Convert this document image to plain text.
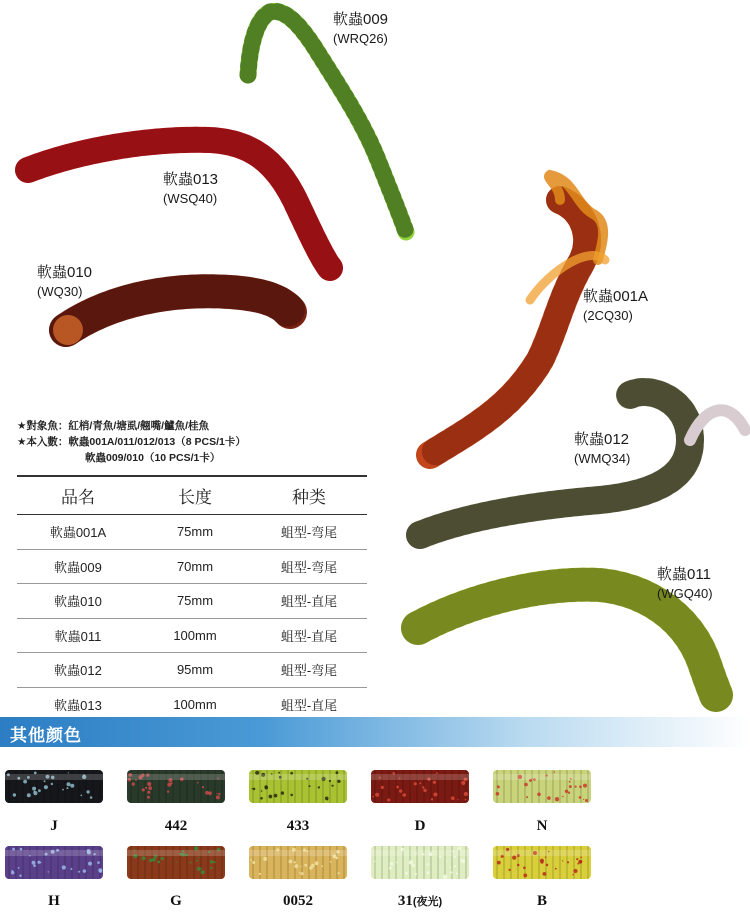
軟蟲009
(WRQ26)
軟蟲013
(WSQ40)
軟蟲010
(WQ30)	軟蟲001A
(2CQ30)
軟蟲012
(WMQ34)
軟蟲011
(WGQ40)
★對象魚：紅梢/青魚/塘虱/翹嘴/鱸魚/桂魚
★本入數：軟蟲001A/011/012/013（8 PCS/1卡）
軟蟲009/010（10 PCS/1卡）
品名	长度	种类
軟蟲001A	75mm	蛆型-弯尾
軟蟲009	70mm	蛆型-弯尾
軟蟲010	75mm	蛆型-直尾
軟蟲011	100mm	蛆型-直尾
軟蟲012	95mm	蛆型-弯尾
軟蟲013	100mm	蛆型-直尾
其他颜色
J	442	433	D	N
H	G	0052	31(夜光)	B
